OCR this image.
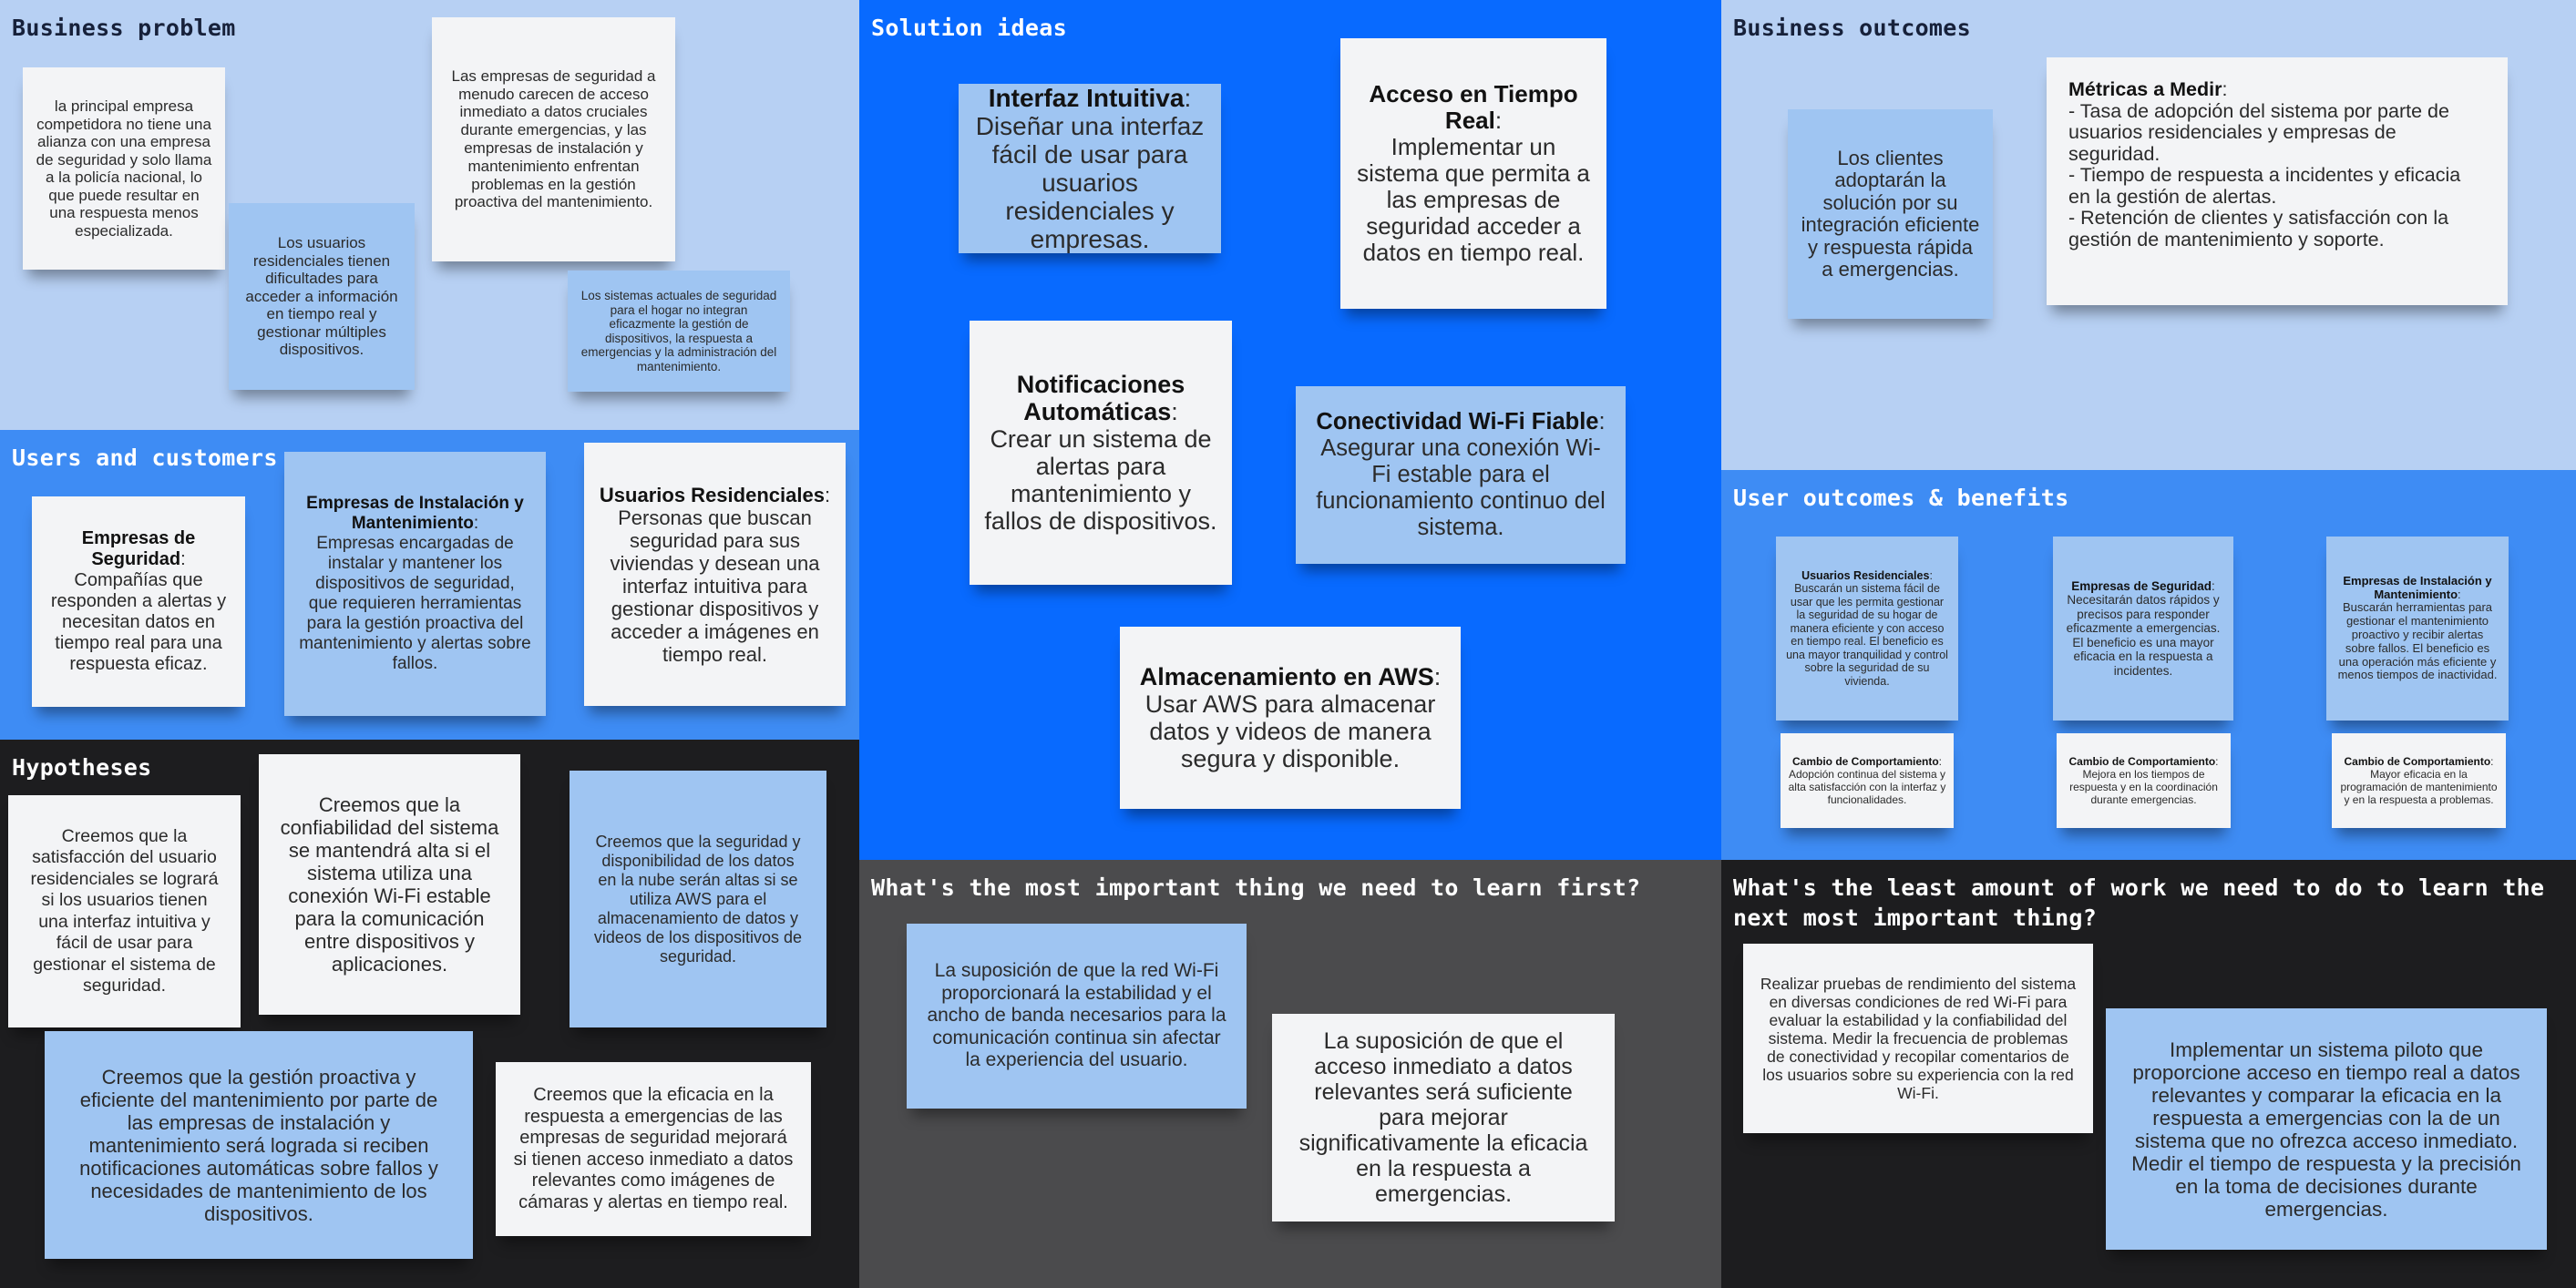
Business problem

la principal empresa competidora no tiene una alianza con una empresa de seguridad y solo llama a la policía nacional, lo que puede resultar en una respuesta menos especializada.

Los usuarios residenciales tienen dificultades para acceder a información en tiempo real y gestionar múltiples dispositivos.

Las empresas de seguridad a menudo carecen de acceso inmediato a datos cruciales durante emergencias, y las empresas de instalación y mantenimiento enfrentan problemas en la gestión proactiva del mantenimiento.

Los sistemas actuales de seguridad para el hogar no integran eficazmente la gestión de dispositivos, la respuesta a emergencias y la administración del mantenimiento.

Users and customers

Empresas de Seguridad:

Compañías que responden a alertas y necesitan datos en tiempo real para una respuesta eficaz.

Empresas de Instalación y Mantenimiento:

Empresas encargadas de instalar y mantener los dispositivos de seguridad, que requieren herramientas para la gestión proactiva del mantenimiento y alertas sobre fallos.

Usuarios Residenciales:

Personas que buscan seguridad para sus viviendas y desean una interfaz intuitiva para gestionar dispositivos y acceder a imágenes en tiempo real.

Hypotheses

Creemos que la satisfacción del usuario residenciales se logrará si los usuarios tienen una interfaz intuitiva y fácil de usar para gestionar el sistema de seguridad.

Creemos que la confiabilidad del sistema se mantendrá alta si el sistema utiliza una conexión Wi-Fi estable para la comunicación entre dispositivos y aplicaciones.

Creemos que la seguridad y disponibilidad de los datos en la nube serán altas si se utiliza AWS para el almacenamiento de datos y videos de los dispositivos de seguridad.

Creemos que la gestión proactiva y eficiente del mantenimiento por parte de las empresas de instalación y mantenimiento será lograda si reciben notificaciones automáticas sobre fallos y necesidades de mantenimiento de los dispositivos.

Creemos que la eficacia en la respuesta a emergencias de las empresas de seguridad mejorará si tienen acceso inmediato a datos relevantes como imágenes de cámaras y alertas en tiempo real.

Solution ideas

Interfaz Intuitiva:

Diseñar una interfaz fácil de usar para usuarios residenciales y empresas.

Acceso en Tiempo Real:

Implementar un sistema que permita a las empresas de seguridad acceder a datos en tiempo real.

Notificaciones Automáticas:

Crear un sistema de alertas para mantenimiento y fallos de dispositivos.

Conectividad Wi-Fi Fiable:

Asegurar una conexión Wi-Fi estable para el funcionamiento continuo del sistema.

Almacenamiento en AWS:

Usar AWS para almacenar datos y videos de manera segura y disponible.

What's the most important thing we need to learn first?

La suposición de que la red Wi-Fi proporcionará la estabilidad y el ancho de banda necesarios para la comunicación continua sin afectar la experiencia del usuario.

La suposición de que el acceso inmediato a datos relevantes será suficiente para mejorar significativamente la eficacia en la respuesta a emergencias.

Business outcomes

Los clientes adoptarán la solución por su integración eficiente y respuesta rápida a emergencias.

Métricas a Medir:

- Tasa de adopción del sistema por parte de usuarios residenciales y empresas de seguridad.

- Tiempo de respuesta a incidentes y eficacia en la gestión de alertas.

- Retención de clientes y satisfacción con la gestión de mantenimiento y soporte.

User outcomes & benefits

Usuarios Residenciales:

Buscarán un sistema fácil de usar que les permita gestionar la seguridad de su hogar de manera eficiente y con acceso en tiempo real. El beneficio es una mayor tranquilidad y control sobre la seguridad de su vivienda.

Empresas de Seguridad:

Necesitarán datos rápidos y precisos para responder eficazmente a emergencias. El beneficio es una mayor eficacia en la respuesta a incidentes.

Empresas de Instalación y Mantenimiento:

Buscarán herramientas para gestionar el mantenimiento proactivo y recibir alertas sobre fallos. El beneficio es una operación más eficiente y menos tiempos de inactividad.

Cambio de Comportamiento: Adopción continua del sistema y alta satisfacción con la interfaz y funcionalidades.

Cambio de Comportamiento: Mejora en los tiempos de respuesta y en la coordinación durante emergencias.

Cambio de Comportamiento: Mayor eficacia en la programación de mantenimiento y en la respuesta a problemas.

What's the least amount of work we need to do to learn the
next most important thing?

Realizar pruebas de rendimiento del sistema en diversas condiciones de red Wi-Fi para evaluar la estabilidad y la confiabilidad del sistema. Medir la frecuencia de problemas de conectividad y recopilar comentarios de los usuarios sobre su experiencia con la red Wi-Fi.

Implementar un sistema piloto que proporcione acceso en tiempo real a datos relevantes y comparar la eficacia en la respuesta a emergencias con la de un sistema que no ofrezca acceso inmediato. Medir el tiempo de respuesta y la precisión en la toma de decisiones durante emergencias.
